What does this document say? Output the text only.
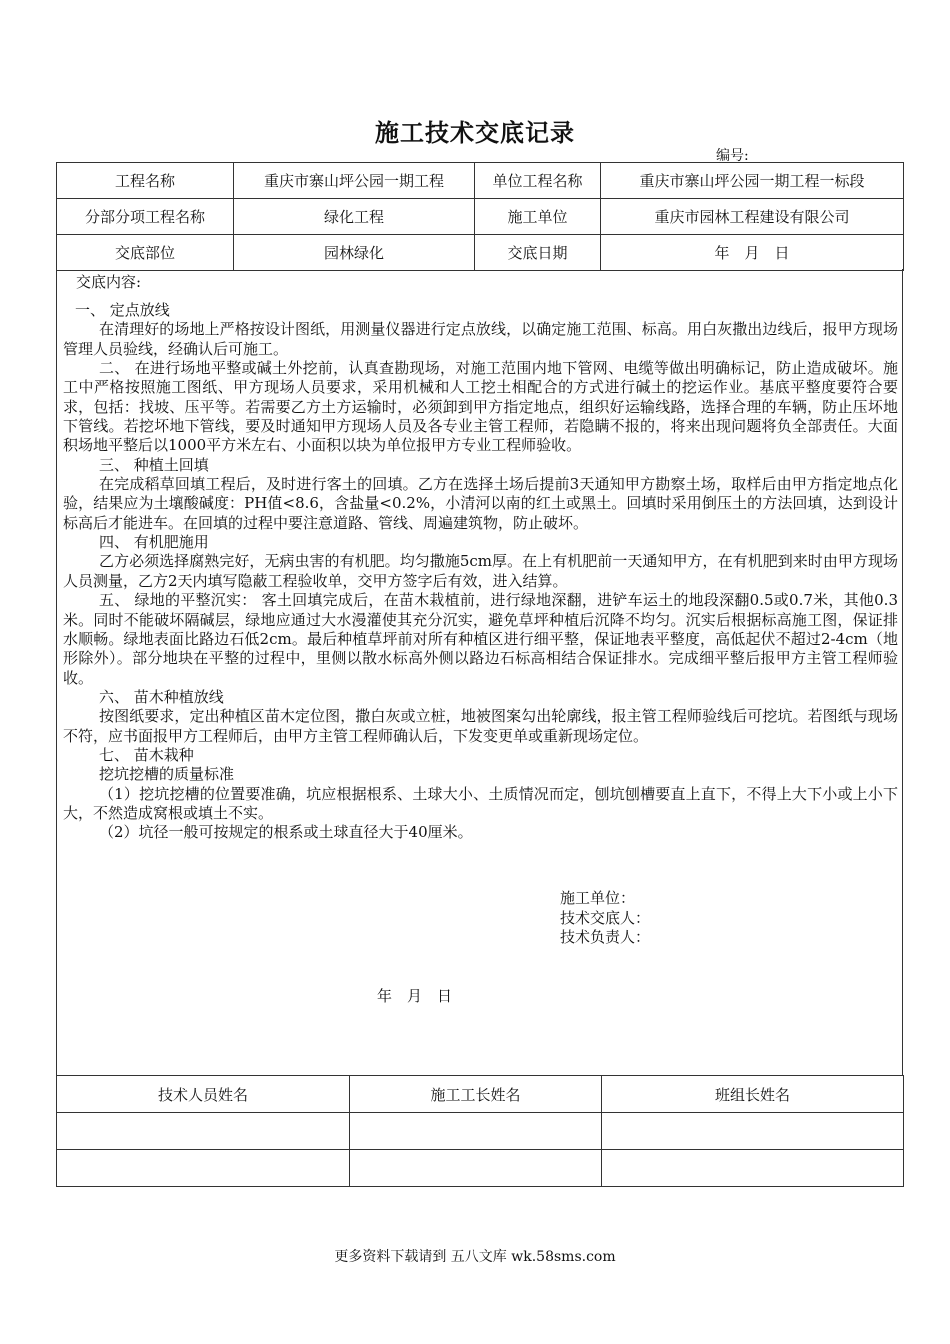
施工技术交底记录
编号:
工程名称	重庆市寨山坪公园一期工程	单位工程名称	重庆市寨山坪公园一期工程一标段
分部分项工程名称	绿化工程	施工单位	重庆市园林工程建设有限公司
交底部位	园林绿化	交底日期	年　月　日
交底内容:

一、 定点放线

在清理好的场地上严格按设计图纸，用测量仪器进行定点放线，以确定施工范围、标高。用白灰撒出边线后，报甲方现场管理人员验线，经确认后可施工。

二、 在进行场地平整或碱土外挖前，认真查勘现场，对施工范围内地下管网、电缆等做出明确标记，防止造成破坏。施工中严格按照施工图纸、甲方现场人员要求，采用机械和人工挖土相配合的方式进行碱土的挖运作业。基底平整度要符合要求，包括：找坡、压平等。若需要乙方土方运输时，必须卸到甲方指定地点，组织好运输线路，选择合理的车辆，防止压坏地下管线。若挖坏地下管线，要及时通知甲方现场人员及各专业主管工程师，若隐瞒不报的，将来出现问题将负全部责任。大面积场地平整后以1000平方米左右、小面积以块为单位报甲方专业工程师验收。

三、 种植土回填

在完成稻草回填工程后，及时进行客土的回填。乙方在选择土场后提前3天通知甲方勘察土场，取样后由甲方指定地点化验，结果应为土壤酸碱度：PH值<8.6，含盐量<0.2%，小清河以南的红土或黑土。回填时采用倒压土的方法回填，达到设计标高后才能进车。在回填的过程中要注意道路、管线、周遍建筑物，防止破坏。

四、 有机肥施用

乙方必须选择腐熟完好，无病虫害的有机肥。均匀撒施5cm厚。在上有机肥前一天通知甲方，在有机肥到来时由甲方现场人员测量，乙方2天内填写隐蔽工程验收单，交甲方签字后有效，进入结算。

五、 绿地的平整沉实： 客土回填完成后，在苗木栽植前，进行绿地深翻，进铲车运土的地段深翻0.5或0.7米，其他0.3米。同时不能破坏隔碱层，绿地应通过大水漫灌使其充分沉实，避免草坪种植后沉降不均匀。沉实后根据标高施工图，保证排水顺畅。绿地表面比路边石低2cm。最后种植草坪前对所有种植区进行细平整，保证地表平整度，高低起伏不超过2-4cm（地形除外）。部分地块在平整的过程中，里侧以散水标高外侧以路边石标高相结合保证排水。完成细平整后报甲方主管工程师验收。

六、 苗木种植放线

按图纸要求，定出种植区苗木定位图，撒白灰或立桩，地被图案勾出轮廓线，报主管工程师验线后可挖坑。若图纸与现场不符，应书面报甲方工程师后，由甲方主管工程师确认后，下发变更单或重新现场定位。

七、 苗木栽种

挖坑挖槽的质量标准

（1）挖坑挖槽的位置要准确，坑应根据根系、土球大小、土质情况而定，刨坑刨槽要直上直下，不得上大下小或上小下大，不然造成窝根或填土不实。

（2）坑径一般可按规定的根系或土球直径大于40厘米。

施工单位：
技术交底人：
技术负责人：
年　月　日
技术人员姓名	施工工长姓名	班组长姓名

更多资料下载请到 五八文库 wk.58sms.com
